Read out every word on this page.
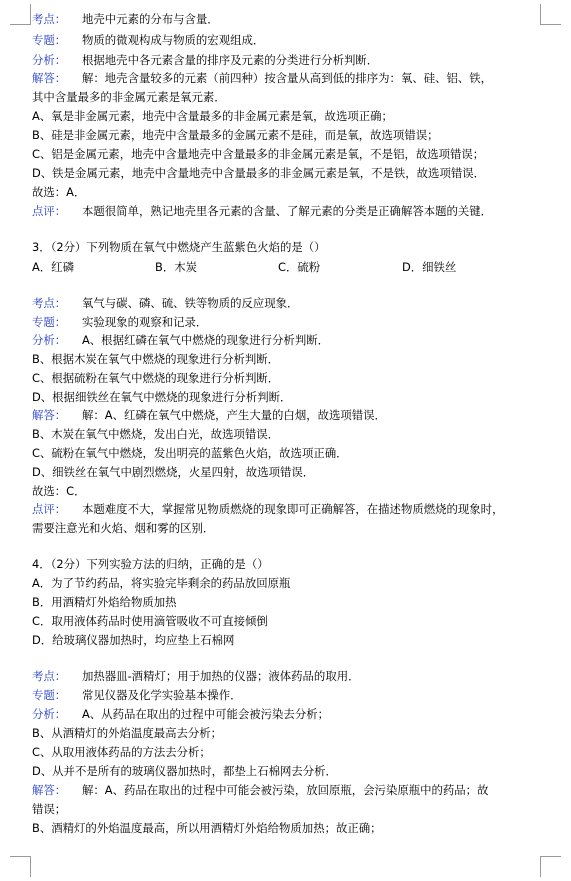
考点： 地壳中元素的分布与含量．
专题： 物质的微观构成与物质的宏观组成．
分析： 根据地壳中各元素含量的排序及元素的分类进行分析判断．
解答： 解：地壳含量较多的元素（前四种）按含量从高到低的排序为：氧、硅、铝、铁，
其中含量最多的非金属元素是氧元素．
A、氧是非金属元素，地壳中含量最多的非金属元素是氧，故选项正确；
B、硅是非金属元素，地壳中含量最多的金属元素不是硅，而是氧，故选项错误；
C、铝是金属元素，地壳中含量地壳中含量最多的非金属元素是氧，不是铝，故选项错误；
D、铁是金属元素，地壳中含量地壳中含量最多的非金属元素是氧，不是铁，故选项错误．
故选：A．
点评： 本题很简单，熟记地壳里各元素的含量、了解元素的分类是正确解答本题的关键．
3．（2分）下列物质在氧气中燃烧产生蓝紫色火焰的是（）
A．红磷	B．木炭	C．硫粉	D．细铁丝
考点： 氧气与碳、磷、硫、铁等物质的反应现象．
专题： 实验现象的观察和记录．
分析： A、根据红磷在氧气中燃烧的现象进行分析判断．
B、根据木炭在氧气中燃烧的现象进行分析判断．
C、根据硫粉在氧气中燃烧的现象进行分析判断．
D、根据细铁丝在氧气中燃烧的现象进行分析判断．
解答： 解：A、红磷在氧气中燃烧，产生大量的白烟，故选项错误．
B、木炭在氧气中燃烧，发出白光，故选项错误．
C、硫粉在氧气中燃烧，发出明亮的蓝紫色火焰，故选项正确．
D、细铁丝在氧气中剧烈燃烧，火星四射，故选项错误．
故选：C．
点评： 本题难度不大，掌握常见物质燃烧的现象即可正确解答，在描述物质燃烧的现象时，
需要注意光和火焰、烟和雾的区别．
4．（2分）下列实验方法的归纳，正确的是（）
A．为了节约药品，将实验完毕剩余的药品放回原瓶
B．用酒精灯外焰给物质加热
C．取用液体药品时使用滴管吸收不可直接倾倒
D．给玻璃仪器加热时，均应垫上石棉网
考点： 加热器皿-酒精灯；用于加热的仪器；液体药品的取用．
专题： 常见仪器及化学实验基本操作．
分析： A、从药品在取出的过程中可能会被污染去分析；
B、从酒精灯的外焰温度最高去分析；
C、从取用液体药品的方法去分析；
D、从并不是所有的玻璃仪器加热时，都垫上石棉网去分析．
解答： 解：A、药品在取出的过程中可能会被污染，放回原瓶，会污染原瓶中的药品；故
错误；
B、酒精灯的外焰温度最高，所以用酒精灯外焰给物质加热；故正确；
